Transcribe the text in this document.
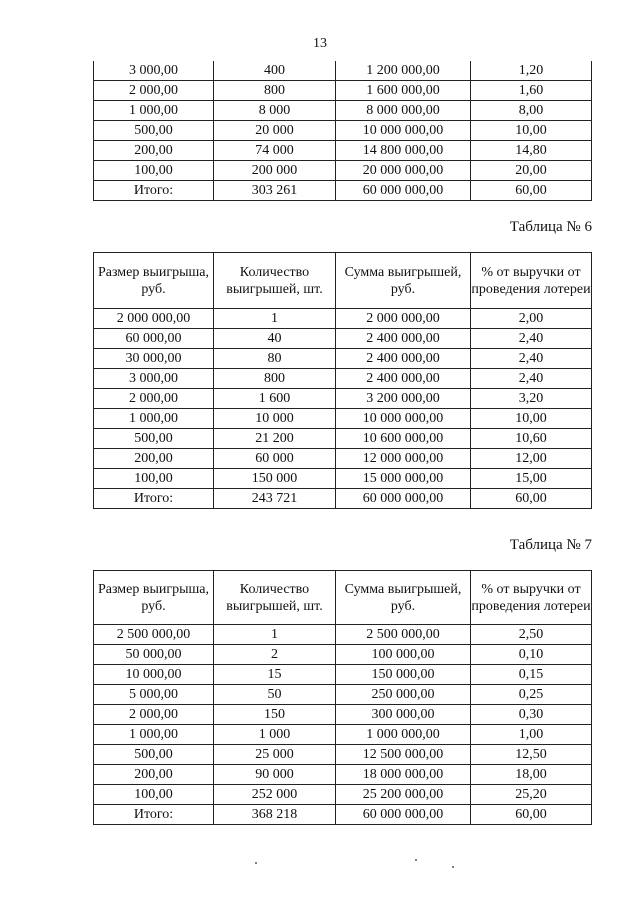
13
3 000,00	400	1 200 000,00	1,20
2 000,00	800	1 600 000,00	1,60
1 000,00	8 000	8 000 000,00	8,00
500,00	20 000	10 000 000,00	10,00
200,00	74 000	14 800 000,00	14,80
100,00	200 000	20 000 000,00	20,00
Итого:	303 261	60 000 000,00	60,00
Таблица № 6
Размер выигрыша, руб.	Количество выигрышей, шт.	Сумма выигрышей, руб.	% от выручки от проведения лотереи
2 000 000,00	1	2 000 000,00	2,00
60 000,00	40	2 400 000,00	2,40
30 000,00	80	2 400 000,00	2,40
3 000,00	800	2 400 000,00	2,40
2 000,00	1 600	3 200 000,00	3,20
1 000,00	10 000	10 000 000,00	10,00
500,00	21 200	10 600 000,00	10,60
200,00	60 000	12 000 000,00	12,00
100,00	150 000	15 000 000,00	15,00
Итого:	243 721	60 000 000,00	60,00
Таблица № 7
Размер выигрыша, руб.	Количество выигрышей, шт.	Сумма выигрышей, руб.	% от выручки от проведения лотереи
2 500 000,00	1	2 500 000,00	2,50
50 000,00	2	100 000,00	0,10
10 000,00	15	150 000,00	0,15
5 000,00	50	250 000,00	0,25
2 000,00	150	300 000,00	0,30
1 000,00	1 000	1 000 000,00	1,00
500,00	25 000	12 500 000,00	12,50
200,00	90 000	18 000 000,00	18,00
100,00	252 000	25 200 000,00	25,20
Итого:	368 218	60 000 000,00	60,00
